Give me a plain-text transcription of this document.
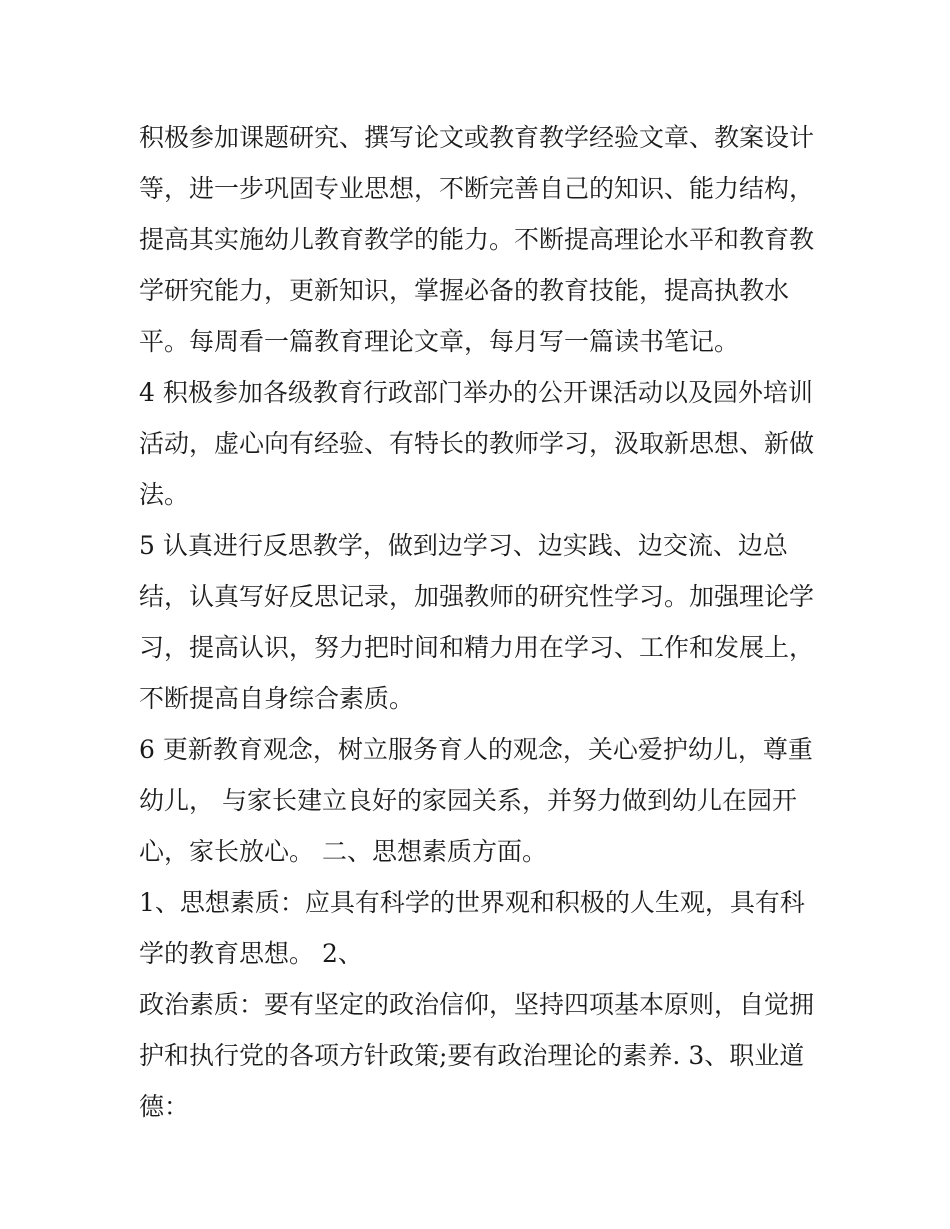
积极参加课题研究、撰写论文或教育教学经验文章、教案设计
等，进一步巩固专业思想，不断完善自己的知识、能力结构，
提高其实施幼儿教育教学的能力。不断提高理论水平和教育教
学研究能力，更新知识，掌握必备的教育技能，提高执教水
平。每周看一篇教育理论文章，每月写一篇读书笔记。
4 积极参加各级教育行政部门举办的公开课活动以及园外培训
活动，虚心向有经验、有特长的教师学习，汲取新思想、新做
法。
5 认真进行反思教学，做到边学习、边实践、边交流、边总
结，认真写好反思记录，加强教师的研究性学习。加强理论学
习，提高认识，努力把时间和精力用在学习、工作和发展上，
不断提高自身综合素质。
6 更新教育观念，树立服务育人的观念，关心爱护幼儿，尊重
幼儿， 与家长建立良好的家园关系，并努力做到幼儿在园开
心，家长放心。 二、思想素质方面。
1、思想素质：应具有科学的世界观和积极的人生观，具有科
学的教育思想。 2、
政治素质：要有坚定的政治信仰，坚持四项基本原则，自觉拥
护和执行党的各项方针政策;要有政治理论的素养. 3、职业道
德：
